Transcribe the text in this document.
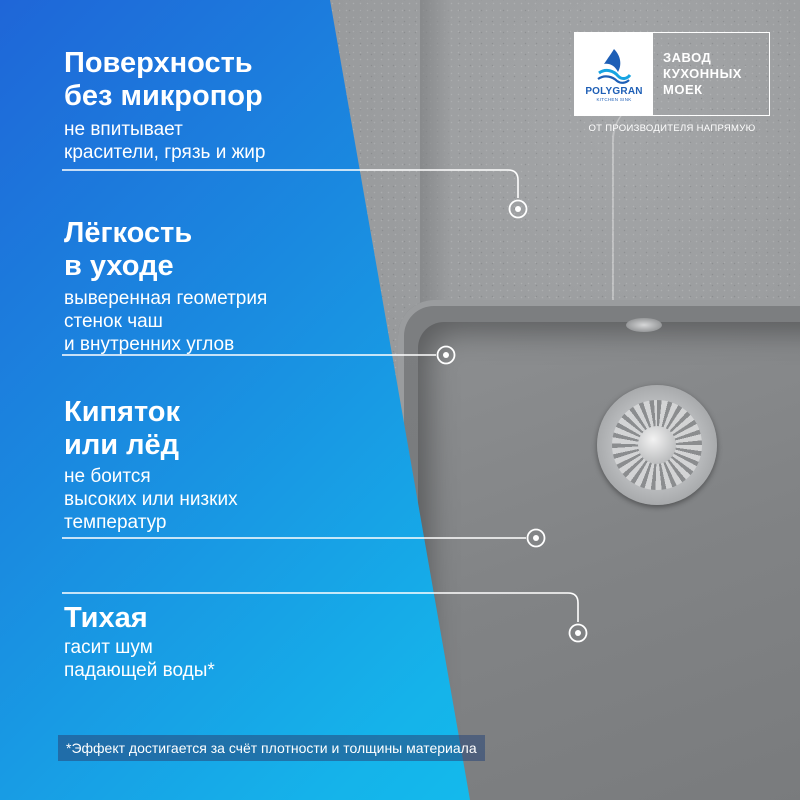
Поверхность
без микропор
не впитывает
красители, грязь и жир
Лёгкость
в уходе
выверенная геометрия
стенок чаш
и внутренних углов
Кипяток
или лёд
не боится
высоких или низких
температур
Тихая
гасит шум
падающей воды*
POLYGRAN
KITCHEN SINK
ЗАВОД
КУХОННЫХ
МОЕК
ОТ ПРОИЗВОДИТЕЛЯ НАПРЯМУЮ
*Эффект достигается за счёт плотности и толщины материала
